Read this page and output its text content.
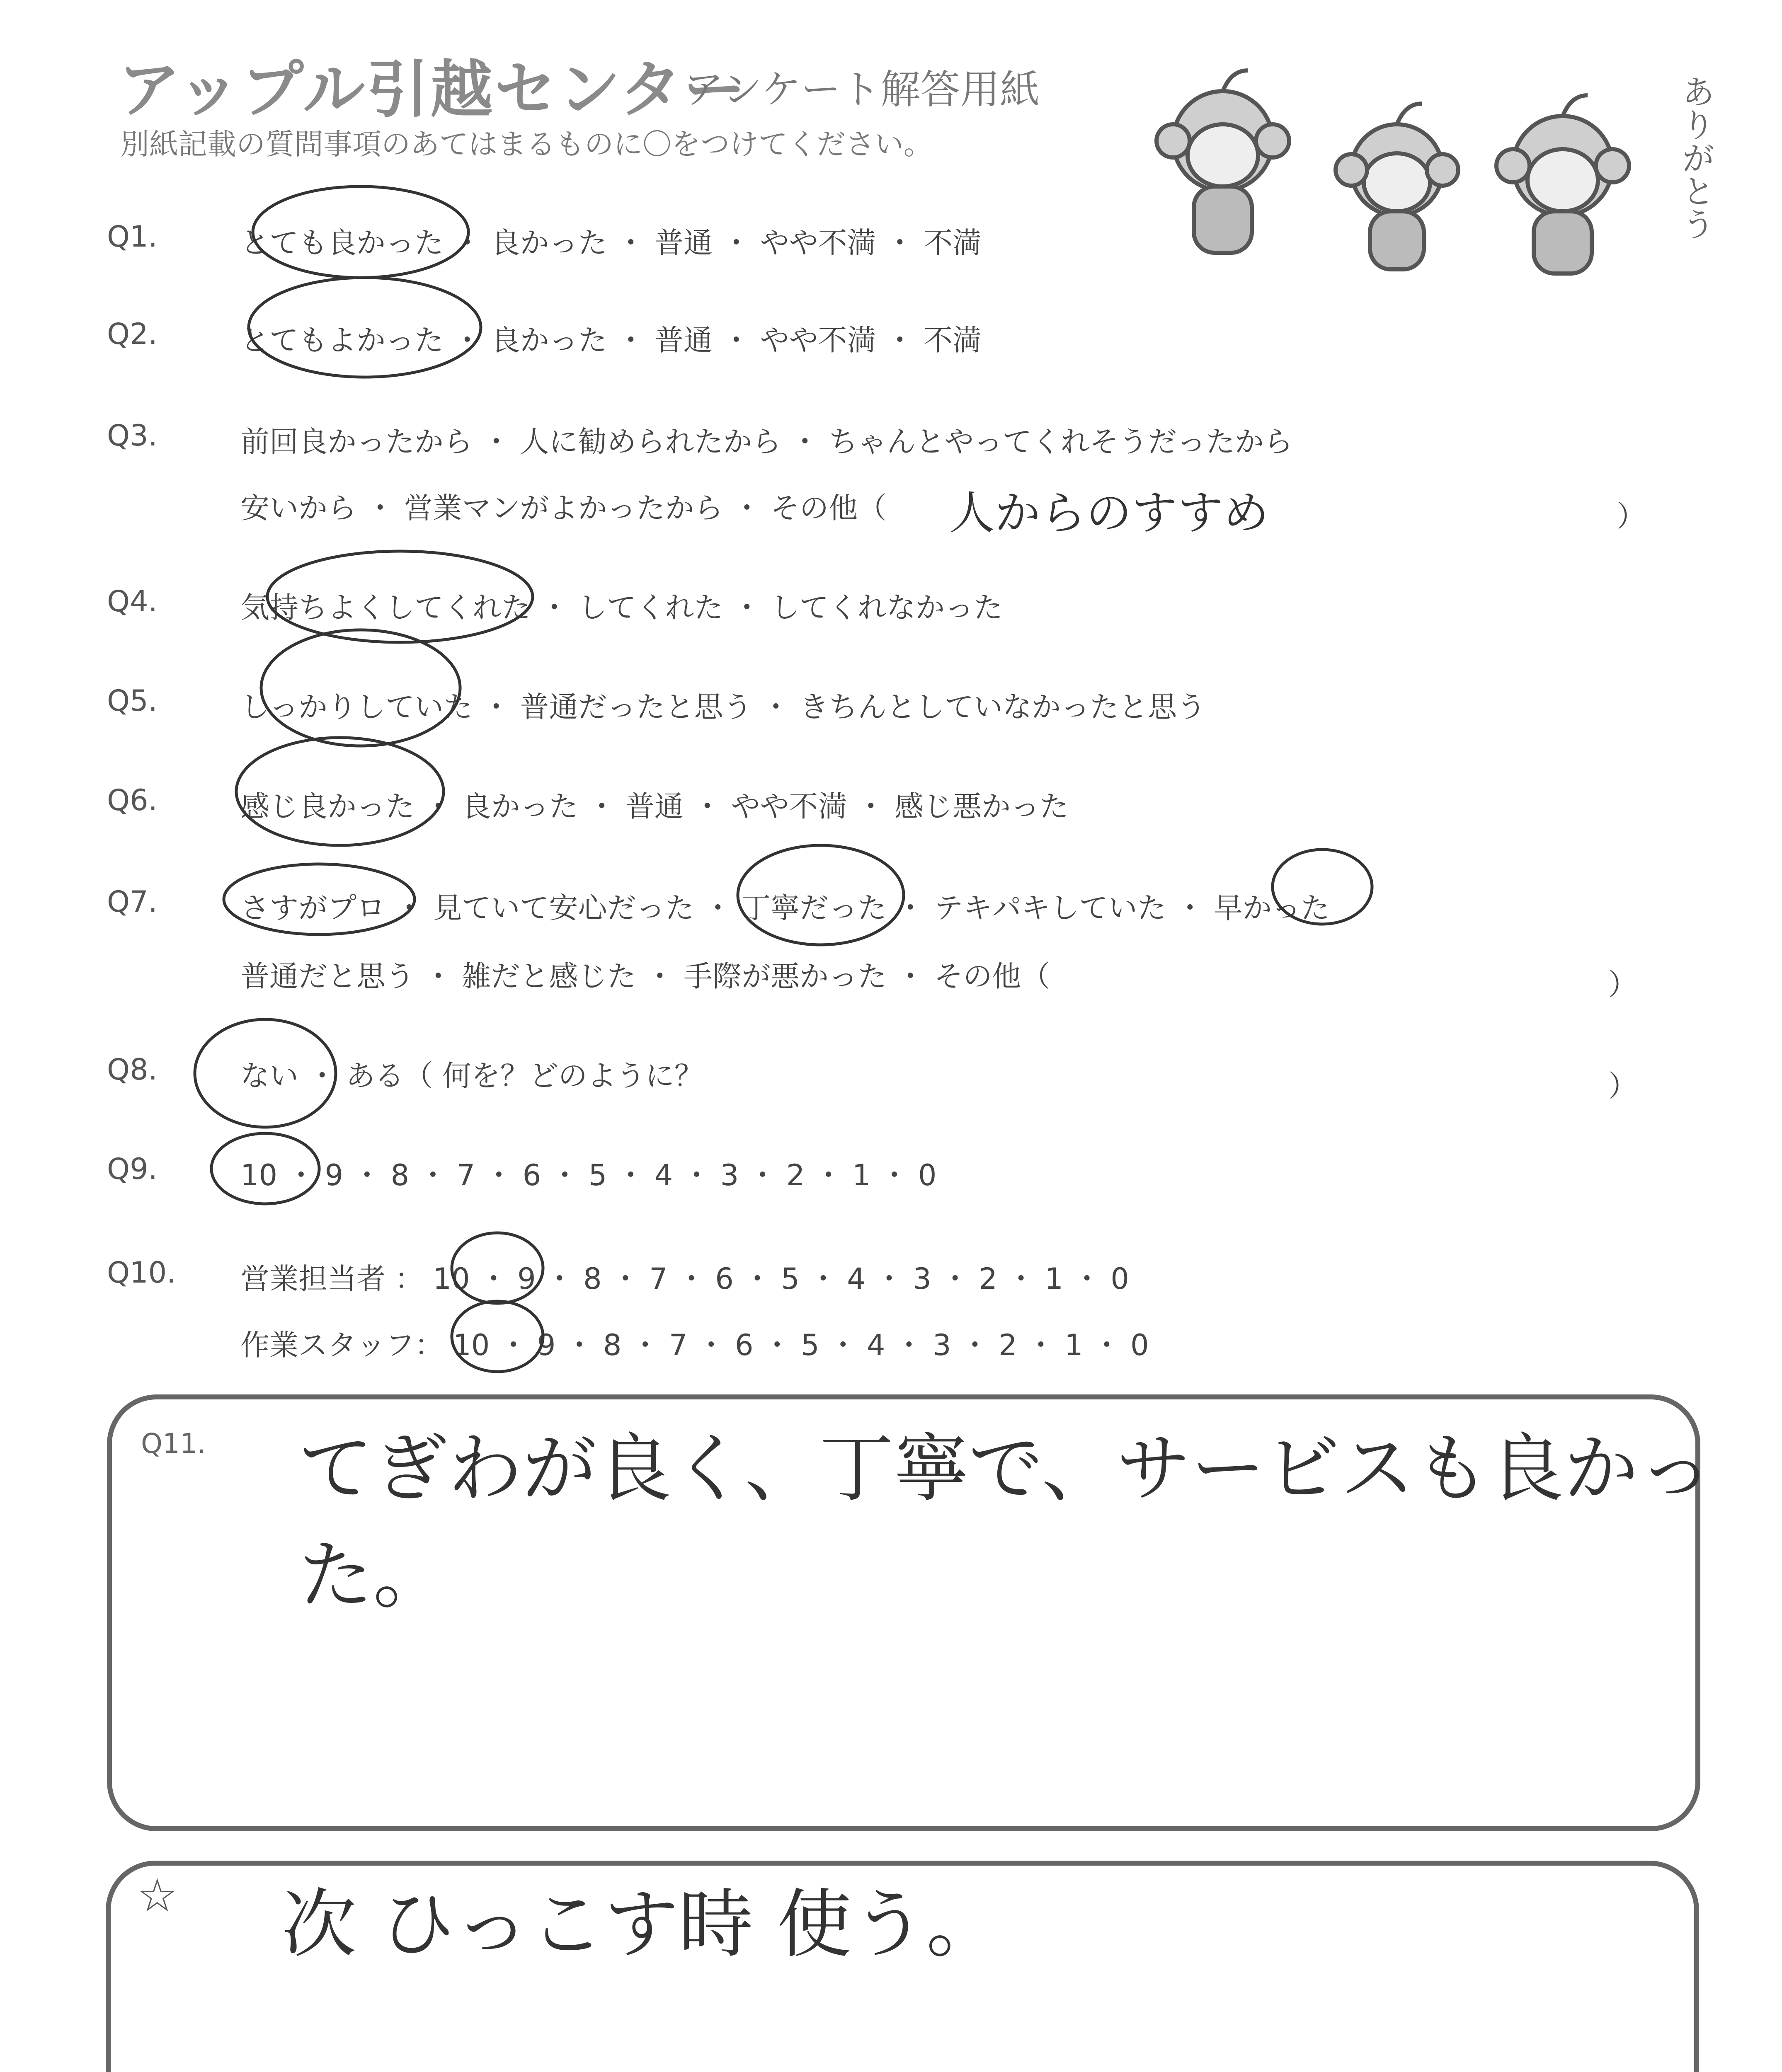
アップル引越センター
アンケート解答用紙
別紙記載の質問事項のあてはまるものに〇をつけてください。	ありがとう
Q1.	とても良かった ・ 良かった ・ 普通 ・ やや不満 ・ 不満
Q2.	とてもよかった ・ 良かった ・ 普通 ・ やや不満 ・ 不満
Q3.	前回良かったから ・ 人に勧められたから ・ ちゃんとやってくれそうだったから
安いから ・ 営業マンがよかったから ・ その他（ 人からのすすめ	）
Q4.	気持ちよくしてくれた ・ してくれた ・ してくれなかった
Q5.	しっかりしていた ・ 普通だったと思う ・ きちんとしていなかったと思う
Q6.	感じ良かった ・ 良かった ・ 普通 ・ やや不満 ・ 感じ悪かった
Q7.	さすがプロ ・ 見ていて安心だった ・ 丁寧だった ・ テキパキしていた ・ 早かった
普通だと思う ・ 雑だと感じた ・ 手際が悪かった ・ その他（	）
Q8.	ない ・ ある（ 何を？どのように？	）
Q9.	10 ・ 9 ・ 8 ・ 7 ・ 6 ・ 5 ・ 4 ・ 3 ・ 2 ・ 1 ・ 0
Q10. 営業担当者 ： 10 ・ 9 ・ 8 ・ 7 ・ 6 ・ 5 ・ 4 ・ 3 ・ 2 ・ 1 ・ 0
作業スタッフ： 10 ・ 9 ・ 8 ・ 7 ・ 6 ・ 5 ・ 4 ・ 3 ・ 2 ・ 1 ・ 0
Q11. てぎわが良く、丁寧で、サービスも良かった。
☆ 次 ひっこす時 使う。
